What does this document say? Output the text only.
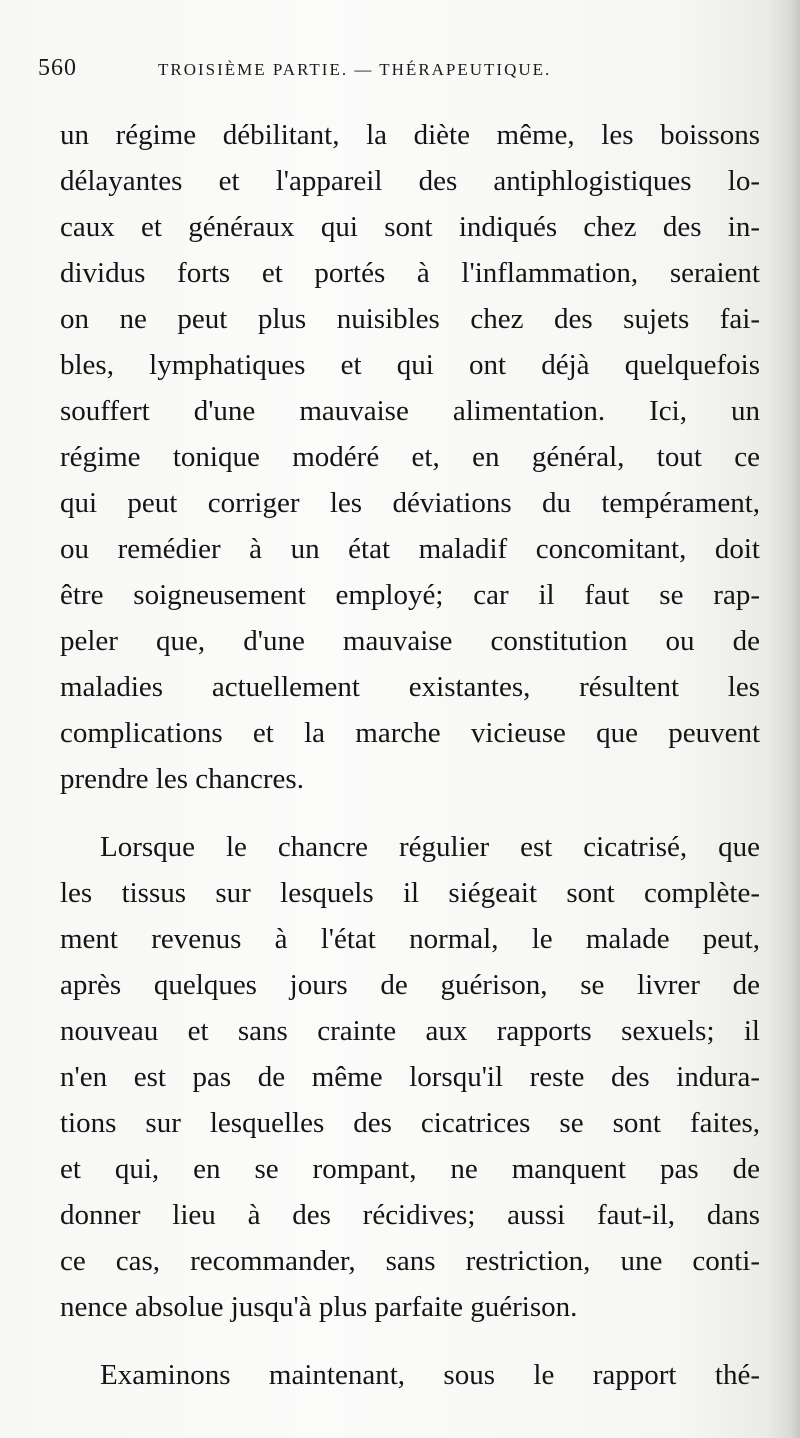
560	TROISIÈME PARTIE. — THÉRAPEUTIQUE.

un régime débilitant, la diète même, les boissons
délayantes et l'appareil des antiphlogistiques lo-
caux et généraux qui sont indiqués chez des in-
dividus forts et portés à l'inflammation, seraient
on ne peut plus nuisibles chez des sujets fai-
bles, lymphatiques et qui ont déjà quelquefois
souffert d'une mauvaise alimentation. Ici, un
régime tonique modéré et, en général, tout ce
qui peut corriger les déviations du tempérament,
ou remédier à un état maladif concomitant, doit
être soigneusement employé; car il faut se rap-
peler que, d'une mauvaise constitution ou de
maladies actuellement existantes, résultent les
complications et la marche vicieuse que peuvent
prendre les chancres.

Lorsque le chancre régulier est cicatrisé, que
les tissus sur lesquels il siégeait sont complète-
ment revenus à l'état normal, le malade peut,
après quelques jours de guérison, se livrer de
nouveau et sans crainte aux rapports sexuels; il
n'en est pas de même lorsqu'il reste des indura-
tions sur lesquelles des cicatrices se sont faites,
et qui, en se rompant, ne manquent pas de
donner lieu à des récidives; aussi faut-il, dans
ce cas, recommander, sans restriction, une conti-
nence absolue jusqu'à plus parfaite guérison.

Examinons maintenant, sous le rapport thé-
